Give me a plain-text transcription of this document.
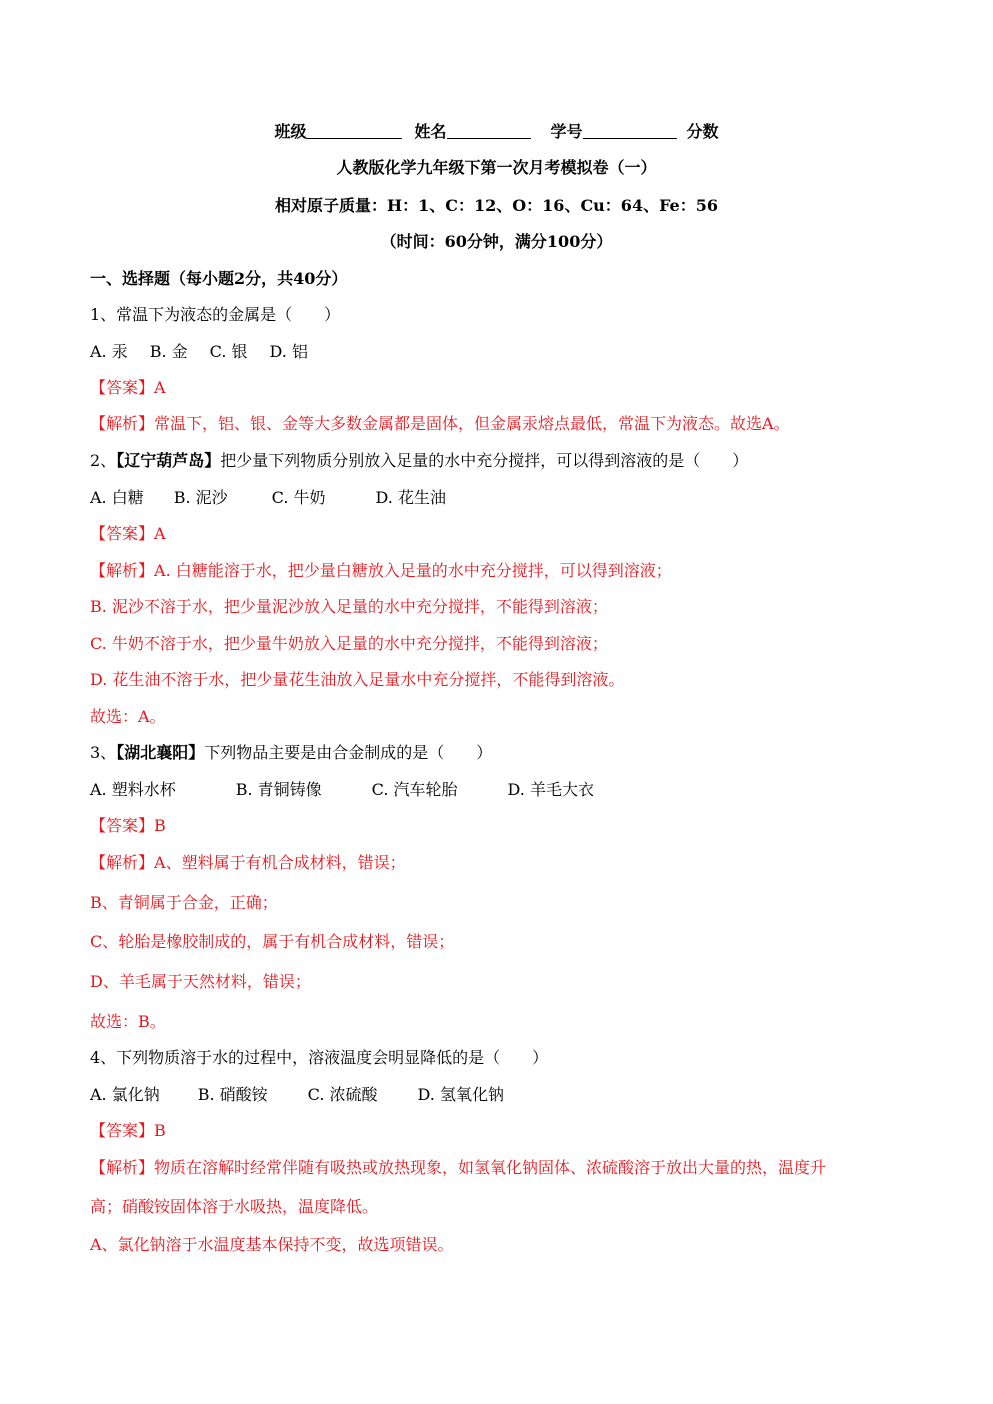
班级	姓名	学号	分数
人教版化学九年级下第一次月考模拟卷（一）
相对原子质量：H：1、C：12、O：16、Cu：64、Fe：56
（时间：60分钟，满分100分）
一、选择题（每小题2分，共40分）
1、常温下为液态的金属是（　　）
A. 汞 B. 金 C. 银 D. 铝
【答案】A
【解析】常温下，铝、银、金等大多数金属都是固体，但金属汞熔点最低，常温下为液态。故选A。
2、【辽宁葫芦岛】把少量下列物质分别放入足量的水中充分搅拌，可以得到溶液的是（　　）
A. 白糖 B. 泥沙	C. 牛奶	D. 花生油
【答案】A
【解析】A. 白糖能溶于水，把少量白糖放入足量的水中充分搅拌，可以得到溶液；
B. 泥沙不溶于水，把少量泥沙放入足量的水中充分搅拌，不能得到溶液；
C. 牛奶不溶于水，把少量牛奶放入足量的水中充分搅拌，不能得到溶液；
D. 花生油不溶于水，把少量花生油放入足量水中充分搅拌，不能得到溶液。
故选：A。
3、【湖北襄阳】下列物品主要是由合金制成的是（　　）
A. 塑料水杯	B. 青铜铸像	C. 汽车轮胎	D. 羊毛大衣
【答案】B
【解析】A、塑料属于有机合成材料，错误；
B、青铜属于合金，正确；
C、轮胎是橡胶制成的，属于有机合成材料，错误；
D、羊毛属于天然材料，错误；
故选：B。
4、下列物质溶于水的过程中，溶液温度会明显降低的是（　　）
A. 氯化钠 B. 硝酸铵	C. 浓硫酸	D. 氢氧化钠
【答案】B
【解析】物质在溶解时经常伴随有吸热或放热现象，如氢氧化钠固体、浓硫酸溶于放出大量的热，温度升
高；硝酸铵固体溶于水吸热，温度降低。
A、氯化钠溶于水温度基本保持不变，故选项错误。
